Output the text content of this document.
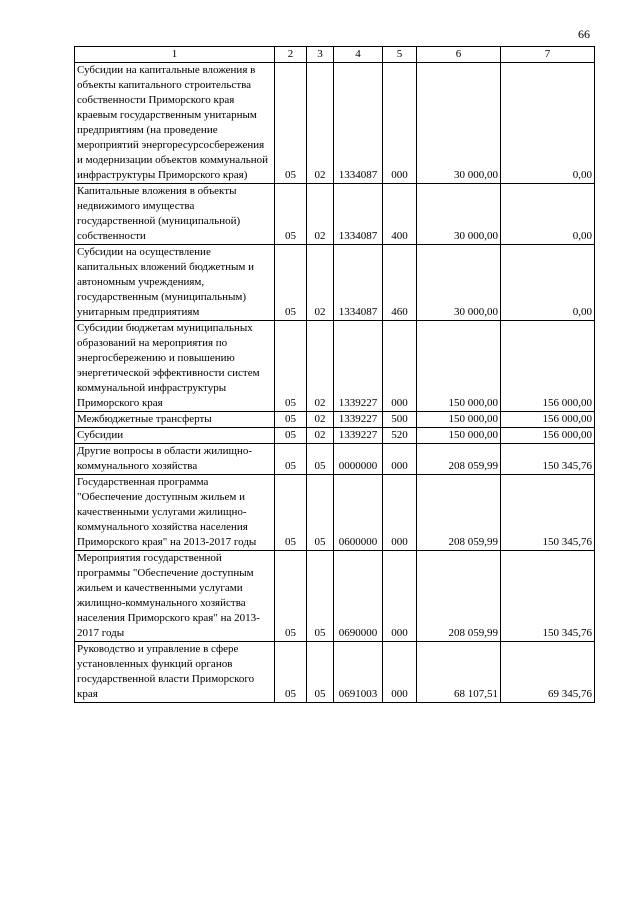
66
1	2	3	4	5	6	7
Субсидии на капитальные вложения в объекты капитального строительства собственности Приморского края краевым государственным унитарным предприятиям (на проведение мероприятий энергоресурсосбережения и модернизации объектов коммунальной инфраструктуры Приморского края)	05	02	1334087	000	30 000,00	0,00
Капитальные вложения в объекты недвижимого имущества государственной (муниципальной) собственности	05	02	1334087	400	30 000,00	0,00
Субсидии на осуществление капитальных вложений бюджетным и автономным учреждениям, государственным (муниципальным) унитарным предприятиям	05	02	1334087	460	30 000,00	0,00
Субсидии бюджетам муниципальных образований на мероприятия по энергосбережению и повышению энергетической эффективности систем коммунальной инфраструктуры Приморского края	05	02	1339227	000	150 000,00	156 000,00
Межбюджетные трансферты	05	02	1339227	500	150 000,00	156 000,00
Субсидии	05	02	1339227	520	150 000,00	156 000,00
Другие вопросы в области жилищно-коммунального хозяйства	05	05	0000000	000	208 059,99	150 345,76
Государственная программа "Обеспечение доступным жильем и качественными услугами жилищно-коммунального хозяйства населения Приморского края" на 2013-2017 годы	05	05	0600000	000	208 059,99	150 345,76
Мероприятия государственной программы "Обеспечение доступным жильем и качественными услугами жилищно-коммунального хозяйства населения Приморского края" на 2013-2017 годы	05	05	0690000	000	208 059,99	150 345,76
Руководство и управление в сфере установленных функций органов государственной власти Приморского края	05	05	0691003	000	68 107,51	69 345,76
